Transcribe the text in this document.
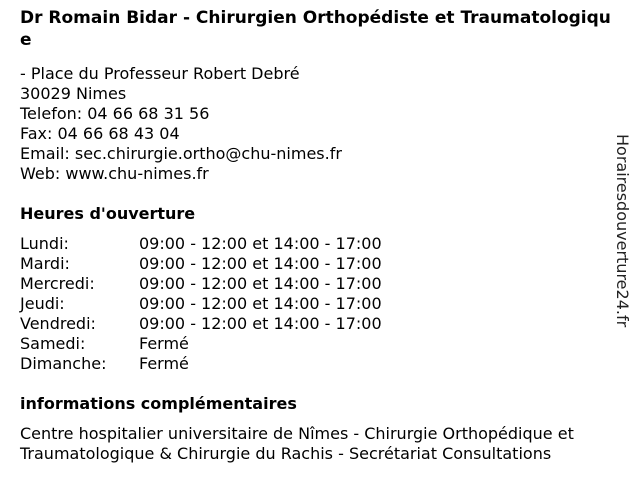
Dr Romain Bidar - Chirurgien Orthopédiste et Traumatologique
- Place du Professeur Robert Debré
30029 Nimes
Telefon: 04 66 68 31 56
Fax: 04 66 68 43 04
Email: sec.chirurgie.ortho@chu-nimes.fr
Web: www.chu-nimes.fr
Heures d'ouverture
Lundi:	09:00 - 12:00 et 14:00 - 17:00
Mardi:	09:00 - 12:00 et 14:00 - 17:00
Mercredi:	09:00 - 12:00 et 14:00 - 17:00
Jeudi:	09:00 - 12:00 et 14:00 - 17:00
Vendredi:	09:00 - 12:00 et 14:00 - 17:00
Samedi:	Fermé
Dimanche: Fermé
informations complémentaires
Centre hospitalier universitaire de Nîmes - Chirurgie Orthopédique et Traumatologique & Chirurgie du Rachis - Secrétariat Consultations
Horairesdouverture24.fr
